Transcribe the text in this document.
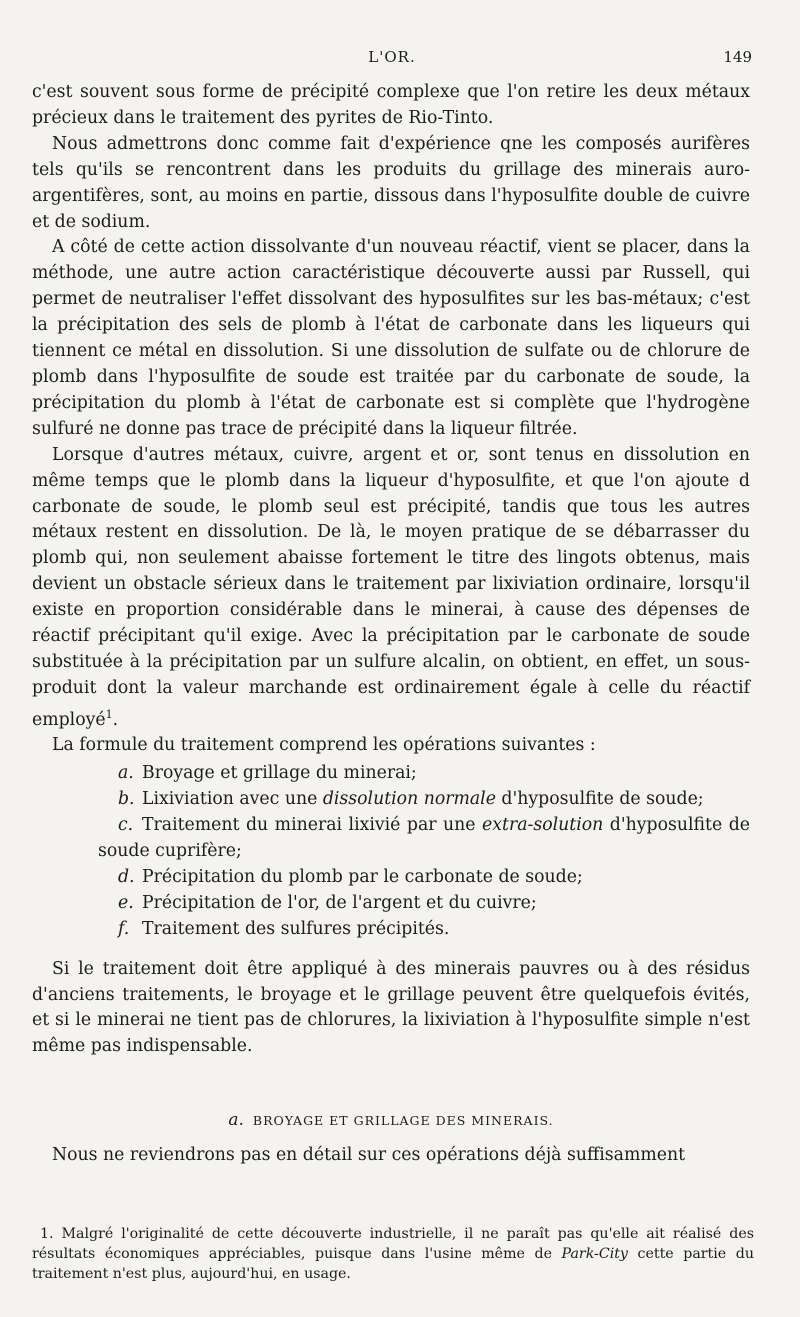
L'OR.	149

c'est souvent sous forme de précipité complexe que l'on retire les deux métaux précieux dans le traitement des pyrites de Rio-Tinto.

Nous admettrons donc comme fait d'expérience qne les composés aurifères tels qu'ils se rencontrent dans les produits du grillage des minerais auro-argentifères, sont, au moins en partie, dissous dans l'hyposulfite double de cuivre et de sodium.

A côté de cette action dissolvante d'un nouveau réactif, vient se placer, dans la méthode, une autre action caractéristique découverte aussi par Russell, qui permet de neutraliser l'effet dissolvant des hyposulfites sur les bas-métaux; c'est la précipitation des sels de plomb à l'état de carbonate dans les liqueurs qui tiennent ce métal en dissolution. Si une dissolution de sulfate ou de chlorure de plomb dans l'hyposulfite de soude est traitée par du carbonate de soude, la précipitation du plomb à l'état de carbonate est si complète que l'hydrogène sulfuré ne donne pas trace de précipité dans la liqueur filtrée.

Lorsque d'autres métaux, cuivre, argent et or, sont tenus en dissolution en même temps que le plomb dans la liqueur d'hyposulfite, et que l'on ajoute d carbonate de soude, le plomb seul est précipité, tandis que tous les autres métaux restent en dissolution. De là, le moyen pratique de se débarrasser du plomb qui, non seulement abaisse fortement le titre des lingots obtenus, mais devient un obstacle sérieux dans le traitement par lixiviation ordinaire, lorsqu'il existe en proportion considérable dans le minerai, à cause des dépenses de réactif précipitant qu'il exige. Avec la précipitation par le carbonate de soude substituée à la précipitation par un sulfure alcalin, on obtient, en effet, un sous-produit dont la valeur marchande est ordinairement égale à celle du réactif employé$^1$.

La formule du traitement comprend les opérations suivantes :

a. Broyage et grillage du minerai;

b. Lixiviation avec une dissolution normale d'hyposulfite de soude;

c. Traitement du minerai lixivié par une extra-solution d'hyposulfite de soude cuprifère;

d. Précipitation du plomb par le carbonate de soude;

e. Précipitation de l'or, de l'argent et du cuivre;

f. Traitement des sulfures précipités.

Si le traitement doit être appliqué à des minerais pauvres ou à des résidus d'anciens traitements, le broyage et le grillage peuvent être quelquefois évités, et si le minerai ne tient pas de chlorures, la lixiviation à l'hyposulfite simple n'est même pas indispensable.

a. BROYAGE ET GRILLAGE DES MINERAIS.

Nous ne reviendrons pas en détail sur ces opérations déjà suffisamment

1. Malgré l'originalité de cette découverte industrielle, il ne paraît pas qu'elle ait réalisé des résultats économiques appréciables, puisque dans l'usine même de Park-City cette partie du traitement n'est plus, aujourd'hui, en usage.
